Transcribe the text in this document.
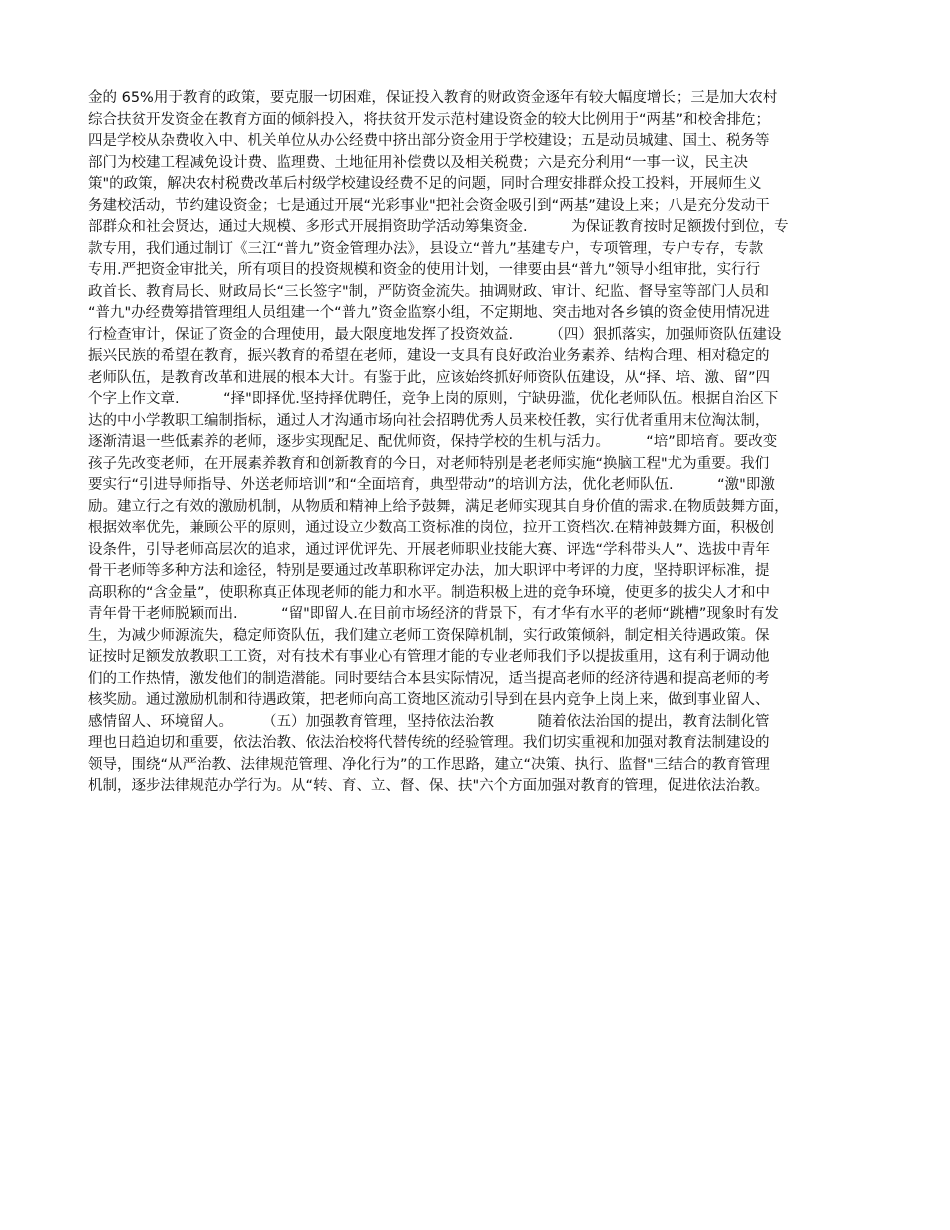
金的 65%用于教育的政策，要克服一切困难，保证投入教育的财政资金逐年有较大幅度增长；三是加大农村
综合扶贫开发资金在教育方面的倾斜投入，将扶贫开发示范村建设资金的较大比例用于“两基”和校舍排危；
四是学校从杂费收入中、机关单位从办公经费中挤出部分资金用于学校建设；五是动员城建、国土、税务等
部门为校建工程减免设计费、监理费、土地征用补偿费以及相关税费；六是充分利用“一事一议，民主决
策"的政策，解决农村税费改革后村级学校建设经费不足的问题，同时合理安排群众投工投料，开展师生义
务建校活动，节约建设资金；七是通过开展“光彩事业"把社会资金吸引到“两基”建设上来；八是充分发动干
部群众和社会贤达，通过大规模、多形式开展捐资助学活动筹集资金.　　　为保证教育按时足额拨付到位，专
款专用，我们通过制订《三江“普九”资金管理办法》，县设立“普九”基建专户，专项管理，专户专存，专款
专用.严把资金审批关，所有项目的投资规模和资金的使用计划，一律要由县“普九”领导小组审批，实行行
政首长、教育局长、财政局长“三长签字"制，严防资金流失。抽调财政、审计、纪监、督导室等部门人员和
“普九"办经费筹措管理组人员组建一个“普九”资金监察小组，不定期地、突击地对各乡镇的资金使用情况进
行检查审计，保证了资金的合理使用，最大限度地发挥了投资效益.　　　（四）狠抓落实，加强师资队伍建设
振兴民族的希望在教育，振兴教育的希望在老师，建设一支具有良好政治业务素养、结构合理、相对稳定的
老师队伍，是教育改革和进展的根本大计。有鉴于此，应该始终抓好师资队伍建设，从“择、培、激、留”四
个字上作文章.　　　“择"即择优.坚持择优聘任，竞争上岗的原则，宁缺毋滥，优化老师队伍。根据自治区下
达的中小学教职工编制指标，通过人才沟通市场向社会招聘优秀人员来校任教，实行优者重用末位淘汰制，
逐渐清退一些低素养的老师，逐步实现配足、配优师资，保持学校的生机与活力。　　　“培”即培育。要改变
孩子先改变老师，在开展素养教育和创新教育的今日，对老师特别是老老师实施“换脑工程"尤为重要。我们
要实行“引进导师指导、外送老师培训”和“全面培育，典型带动”的培训方法，优化老师队伍.　　　“激"即激
励。建立行之有效的激励机制，从物质和精神上给予鼓舞，满足老师实现其自身价值的需求.在物质鼓舞方面，
根据效率优先，兼顾公平的原则，通过设立少数高工资标准的岗位，拉开工资档次.在精神鼓舞方面，积极创
设条件，引导老师高层次的追求，通过评优评先、开展老师职业技能大赛、评选“学科带头人”、选拔中青年
骨干老师等多种方法和途径，特别是要通过改革职称评定办法，加大职评中考评的力度，坚持职评标准，提
高职称的“含金量”，使职称真正体现老师的能力和水平。制造积极上进的竞争环境，使更多的拔尖人才和中
青年骨干老师脱颖而出.　　　“留"即留人.在目前市场经济的背景下，有才华有水平的老师“跳槽”现象时有发
生，为减少师源流失，稳定师资队伍，我们建立老师工资保障机制，实行政策倾斜，制定相关待遇政策。保
证按时足额发放教职工工资，对有技术有事业心有管理才能的专业老师我们予以提拔重用，这有利于调动他
们的工作热情，激发他们的制造潜能。同时要结合本县实际情况，适当提高老师的经济待遇和提高老师的考
核奖励。通过激励机制和待遇政策，把老师向高工资地区流动引导到在县内竞争上岗上来，做到事业留人、
感情留人、环境留人。　　　（五）加强教育管理，坚持依法治教　　　随着依法治国的提出，教育法制化管
理也日趋迫切和重要，依法治教、依法治校将代替传统的经验管理。我们切实重视和加强对教育法制建设的
领导，围绕“从严治教、法律规范管理、净化行为”的工作思路，建立“决策、执行、监督"三结合的教育管理
机制，逐步法律规范办学行为。从“转、育、立、督、保、扶"六个方面加强对教育的管理，促进依法治教。
